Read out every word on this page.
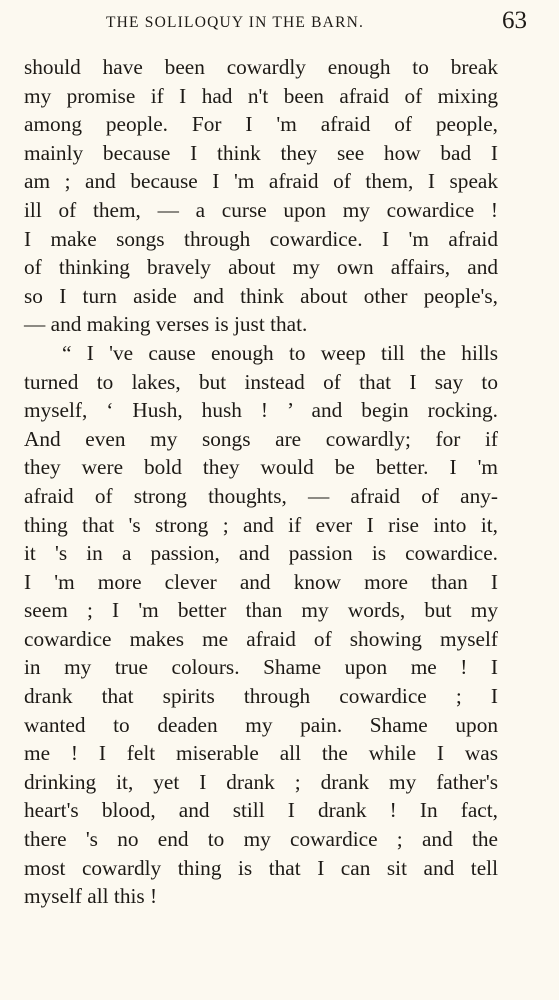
THE SOLILOQUY IN THE BARN.	63
should have been cowardly enough to break
my promise if I had n't been afraid of mixing
among people. For I 'm afraid of people,
mainly because I think they see how bad I
am ; and because I 'm afraid of them, I speak
ill of them, — a curse upon my cowardice !
I make songs through cowardice. I 'm afraid
of thinking bravely about my own affairs, and
so I turn aside and think about other people's,
— and making verses is just that.
“ I 've cause enough to weep till the hills
turned to lakes, but instead of that I say to
myself, ‘ Hush, hush ! ’ and begin rocking.
And even my songs are cowardly; for if
they were bold they would be better. I 'm
afraid of strong thoughts, — afraid of any-
thing that 's strong ; and if ever I rise into it,
it 's in a passion, and passion is cowardice.
I 'm more clever and know more than I
seem ; I 'm better than my words, but my
cowardice makes me afraid of showing myself
in my true colours. Shame upon me ! I
drank that spirits through cowardice ; I
wanted to deaden my pain. Shame upon
me ! I felt miserable all the while I was
drinking it, yet I drank ; drank my father's
heart's blood, and still I drank ! In fact,
there 's no end to my cowardice ; and the
most cowardly thing is that I can sit and tell
myself all this !
